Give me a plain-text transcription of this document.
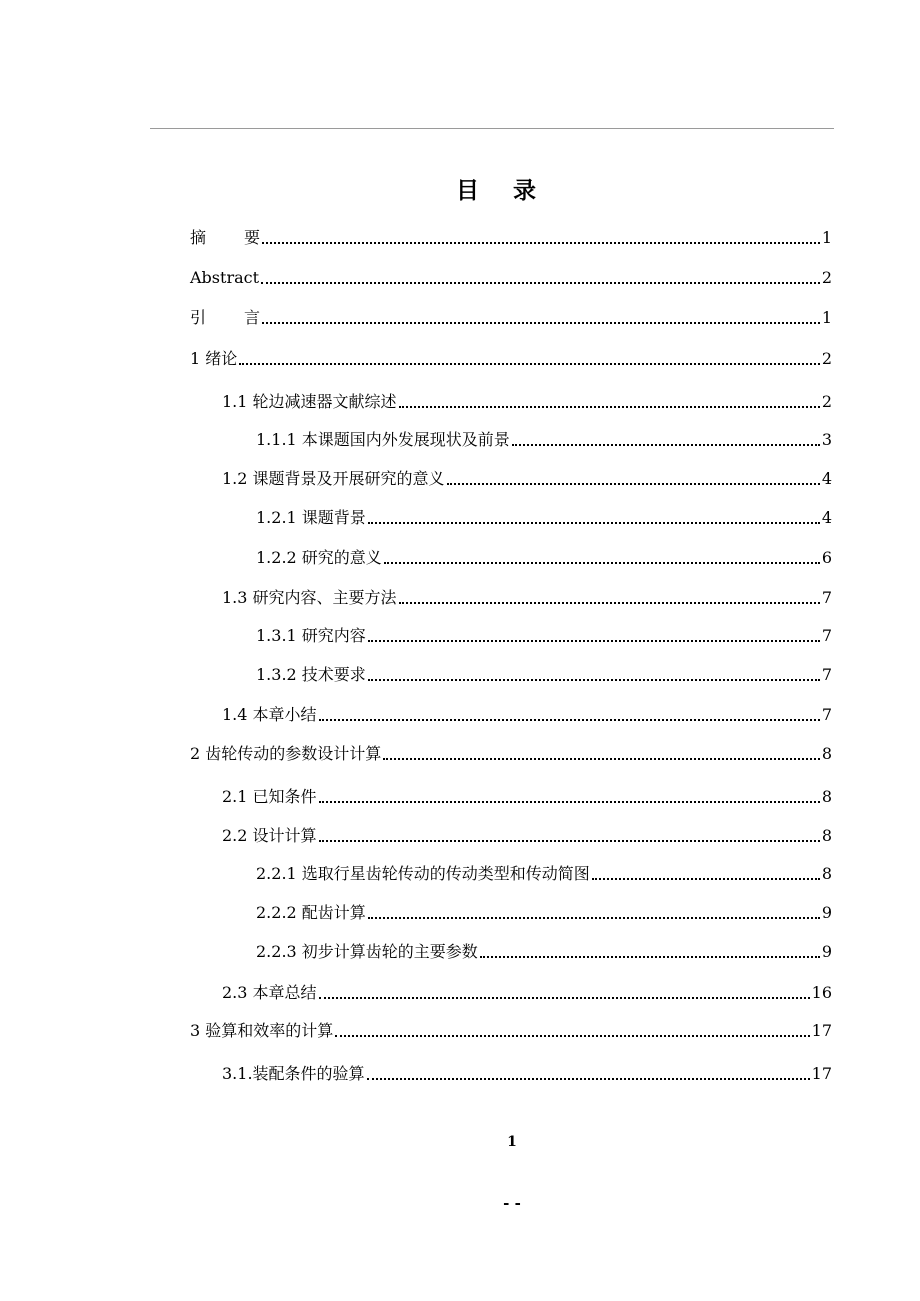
目录
摘要	1
Abstract	2
引言	1
1 绪论	2
1.1 轮边减速器文献综述	2
1.1.1 本课题国内外发展现状及前景	3
1.2 课题背景及开展研究的意义	4
1.2.1 课题背景	4
1.2.2 研究的意义	6
1.3 研究内容、主要方法	7
1.3.1 研究内容	7
1.3.2 技术要求	7
1.4 本章小结	7
2 齿轮传动的参数设计计算	8
2.1 已知条件	8
2.2 设计计算	8
2.2.1 选取行星齿轮传动的传动类型和传动简图	8
2.2.2 配齿计算	9
2.2.3 初步计算齿轮的主要参数	9
2.3 本章总结	16
3 验算和效率的计算	17
3.1.装配条件的验算	17
1
- -
